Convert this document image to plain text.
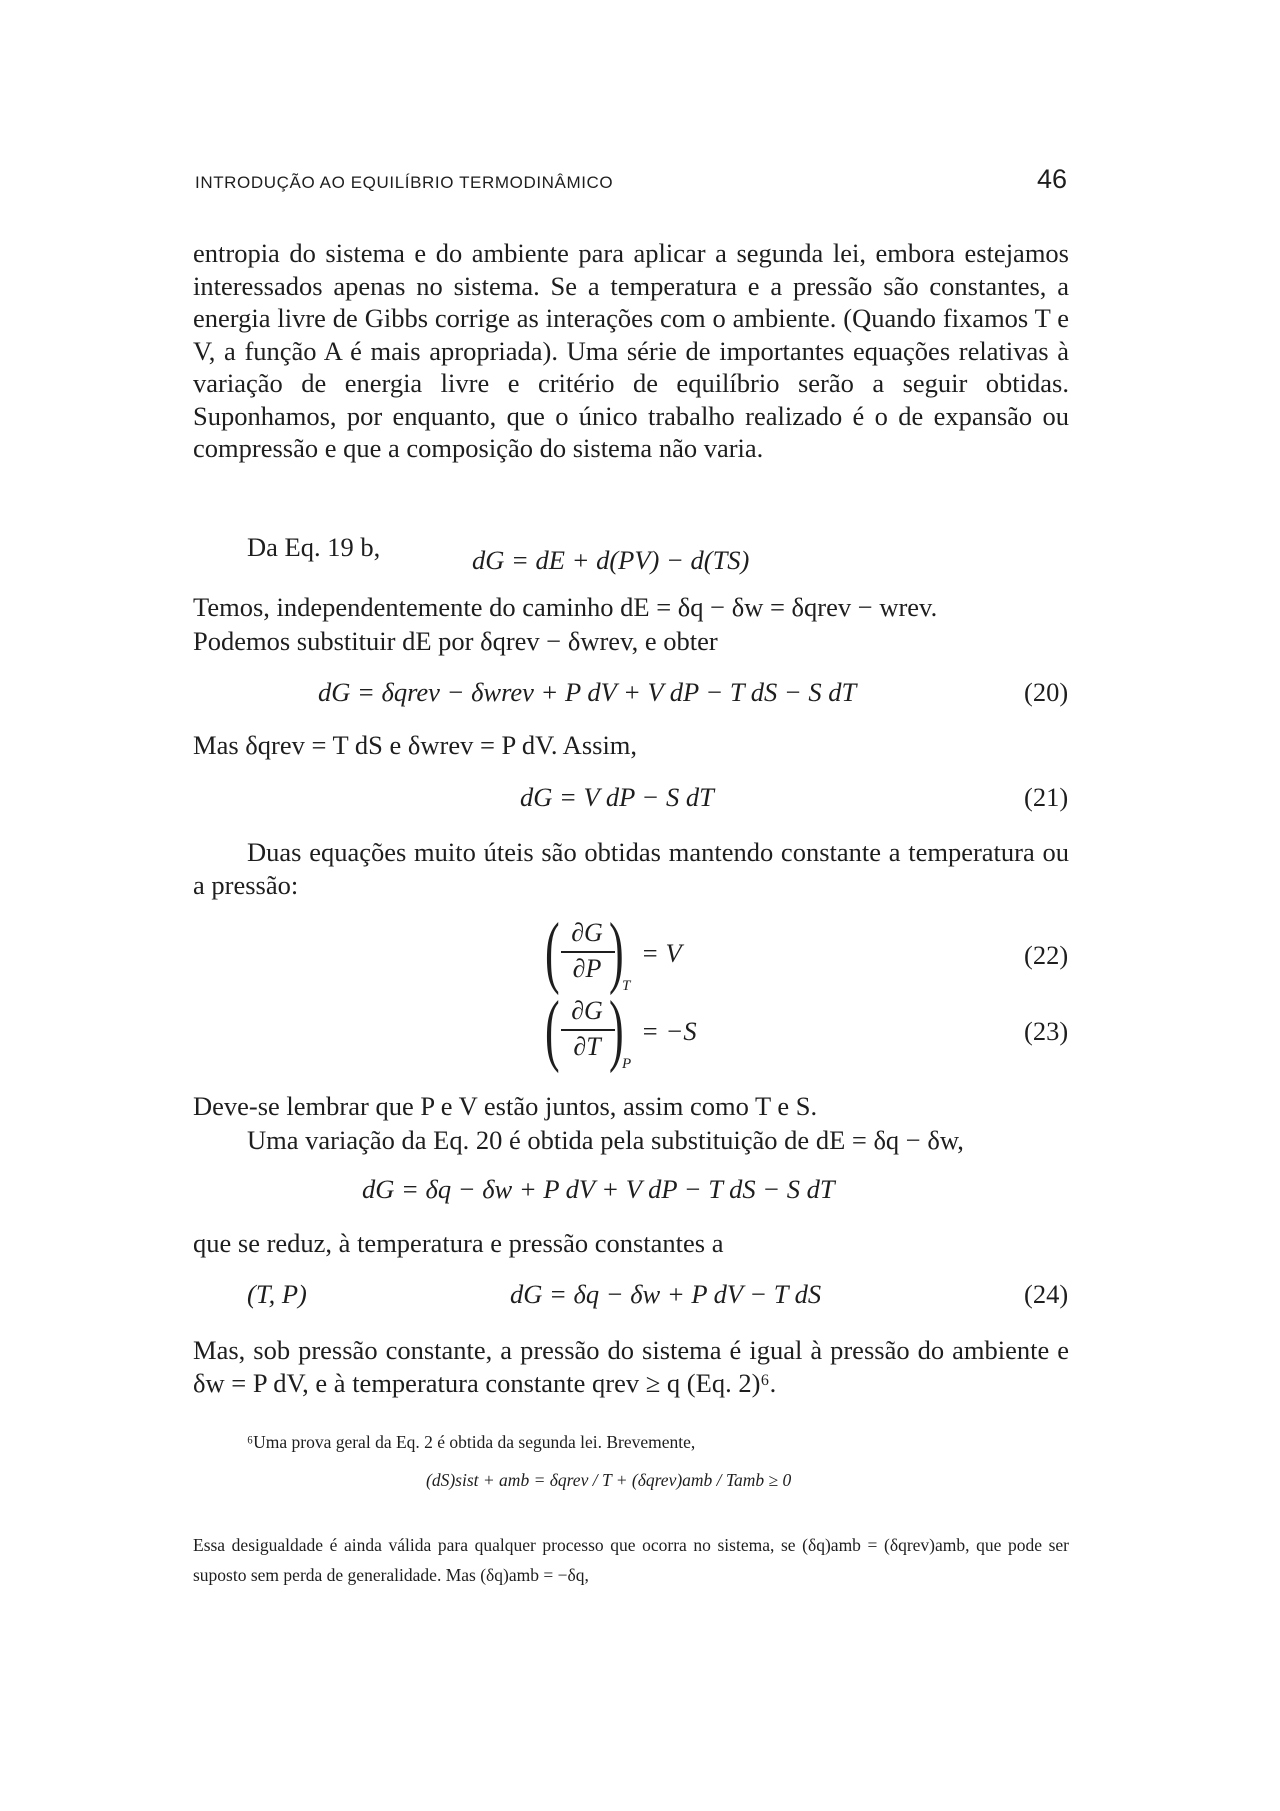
INTRODUÇÃO AO EQUILÍBRIO TERMODINÂMICO	46

entropia do sistema e do ambiente para aplicar a segunda lei, embora estejamos interessados apenas no sistema. Se a temperatura e a pressão são constantes, a energia livre de Gibbs corrige as interações com o ambiente. (Quando fixamos T e V, a função A é mais apropriada). Uma série de importantes equações relativas à variação de energia livre e critério de equilíbrio serão a seguir obtidas. Suponhamos, por enquanto, que o único trabalho realizado é o de expansão ou compressão e que a composição do sistema não varia.

Da Eq. 19 b,	dG = dE + d(PV) − d(TS)
Temos, independentemente do caminho dE = δq − δw = δqrev − wrev.
Podemos substituir dE por δqrev − δwrev, e obter
dG = δqrev − δwrev + P dV + V dP − T dS − S dT	(20)
Mas δqrev = T dS e δwrev = P dV. Assim,
dG = V dP − S dT	(21)

Duas equações muito úteis são obtidas mantendo constante a temperatura ou a pressão:

( ∂G
∂P )
T
= V	(22)
( ∂G
∂T )
P
= −S	(23)
Deve-se lembrar que P e V estão juntos, assim como T e S.
Uma variação da Eq. 20 é obtida pela substituição de dE = δq − δw,
dG = δq − δw + P dV + V dP − T dS − S dT
que se reduz, à temperatura e pressão constantes a
(T, P)	dG = δq − δw + P dV − T dS	(24)

Mas, sob pressão constante, a pressão do sistema é igual à pressão do ambiente e δw = P dV, e à temperatura constante qrev ≥ q (Eq. 2)⁶.

⁶Uma prova geral da Eq. 2 é obtida da segunda lei. Brevemente,
(dS)sist + amb = δqrev / T + (δqrev)amb / Tamb ≥ 0

Essa desigualdade é ainda válida para qualquer processo que ocorra no sistema, se (δq)amb = (δqrev)amb, que pode ser suposto sem perda de generalidade. Mas (δq)amb = −δq,
